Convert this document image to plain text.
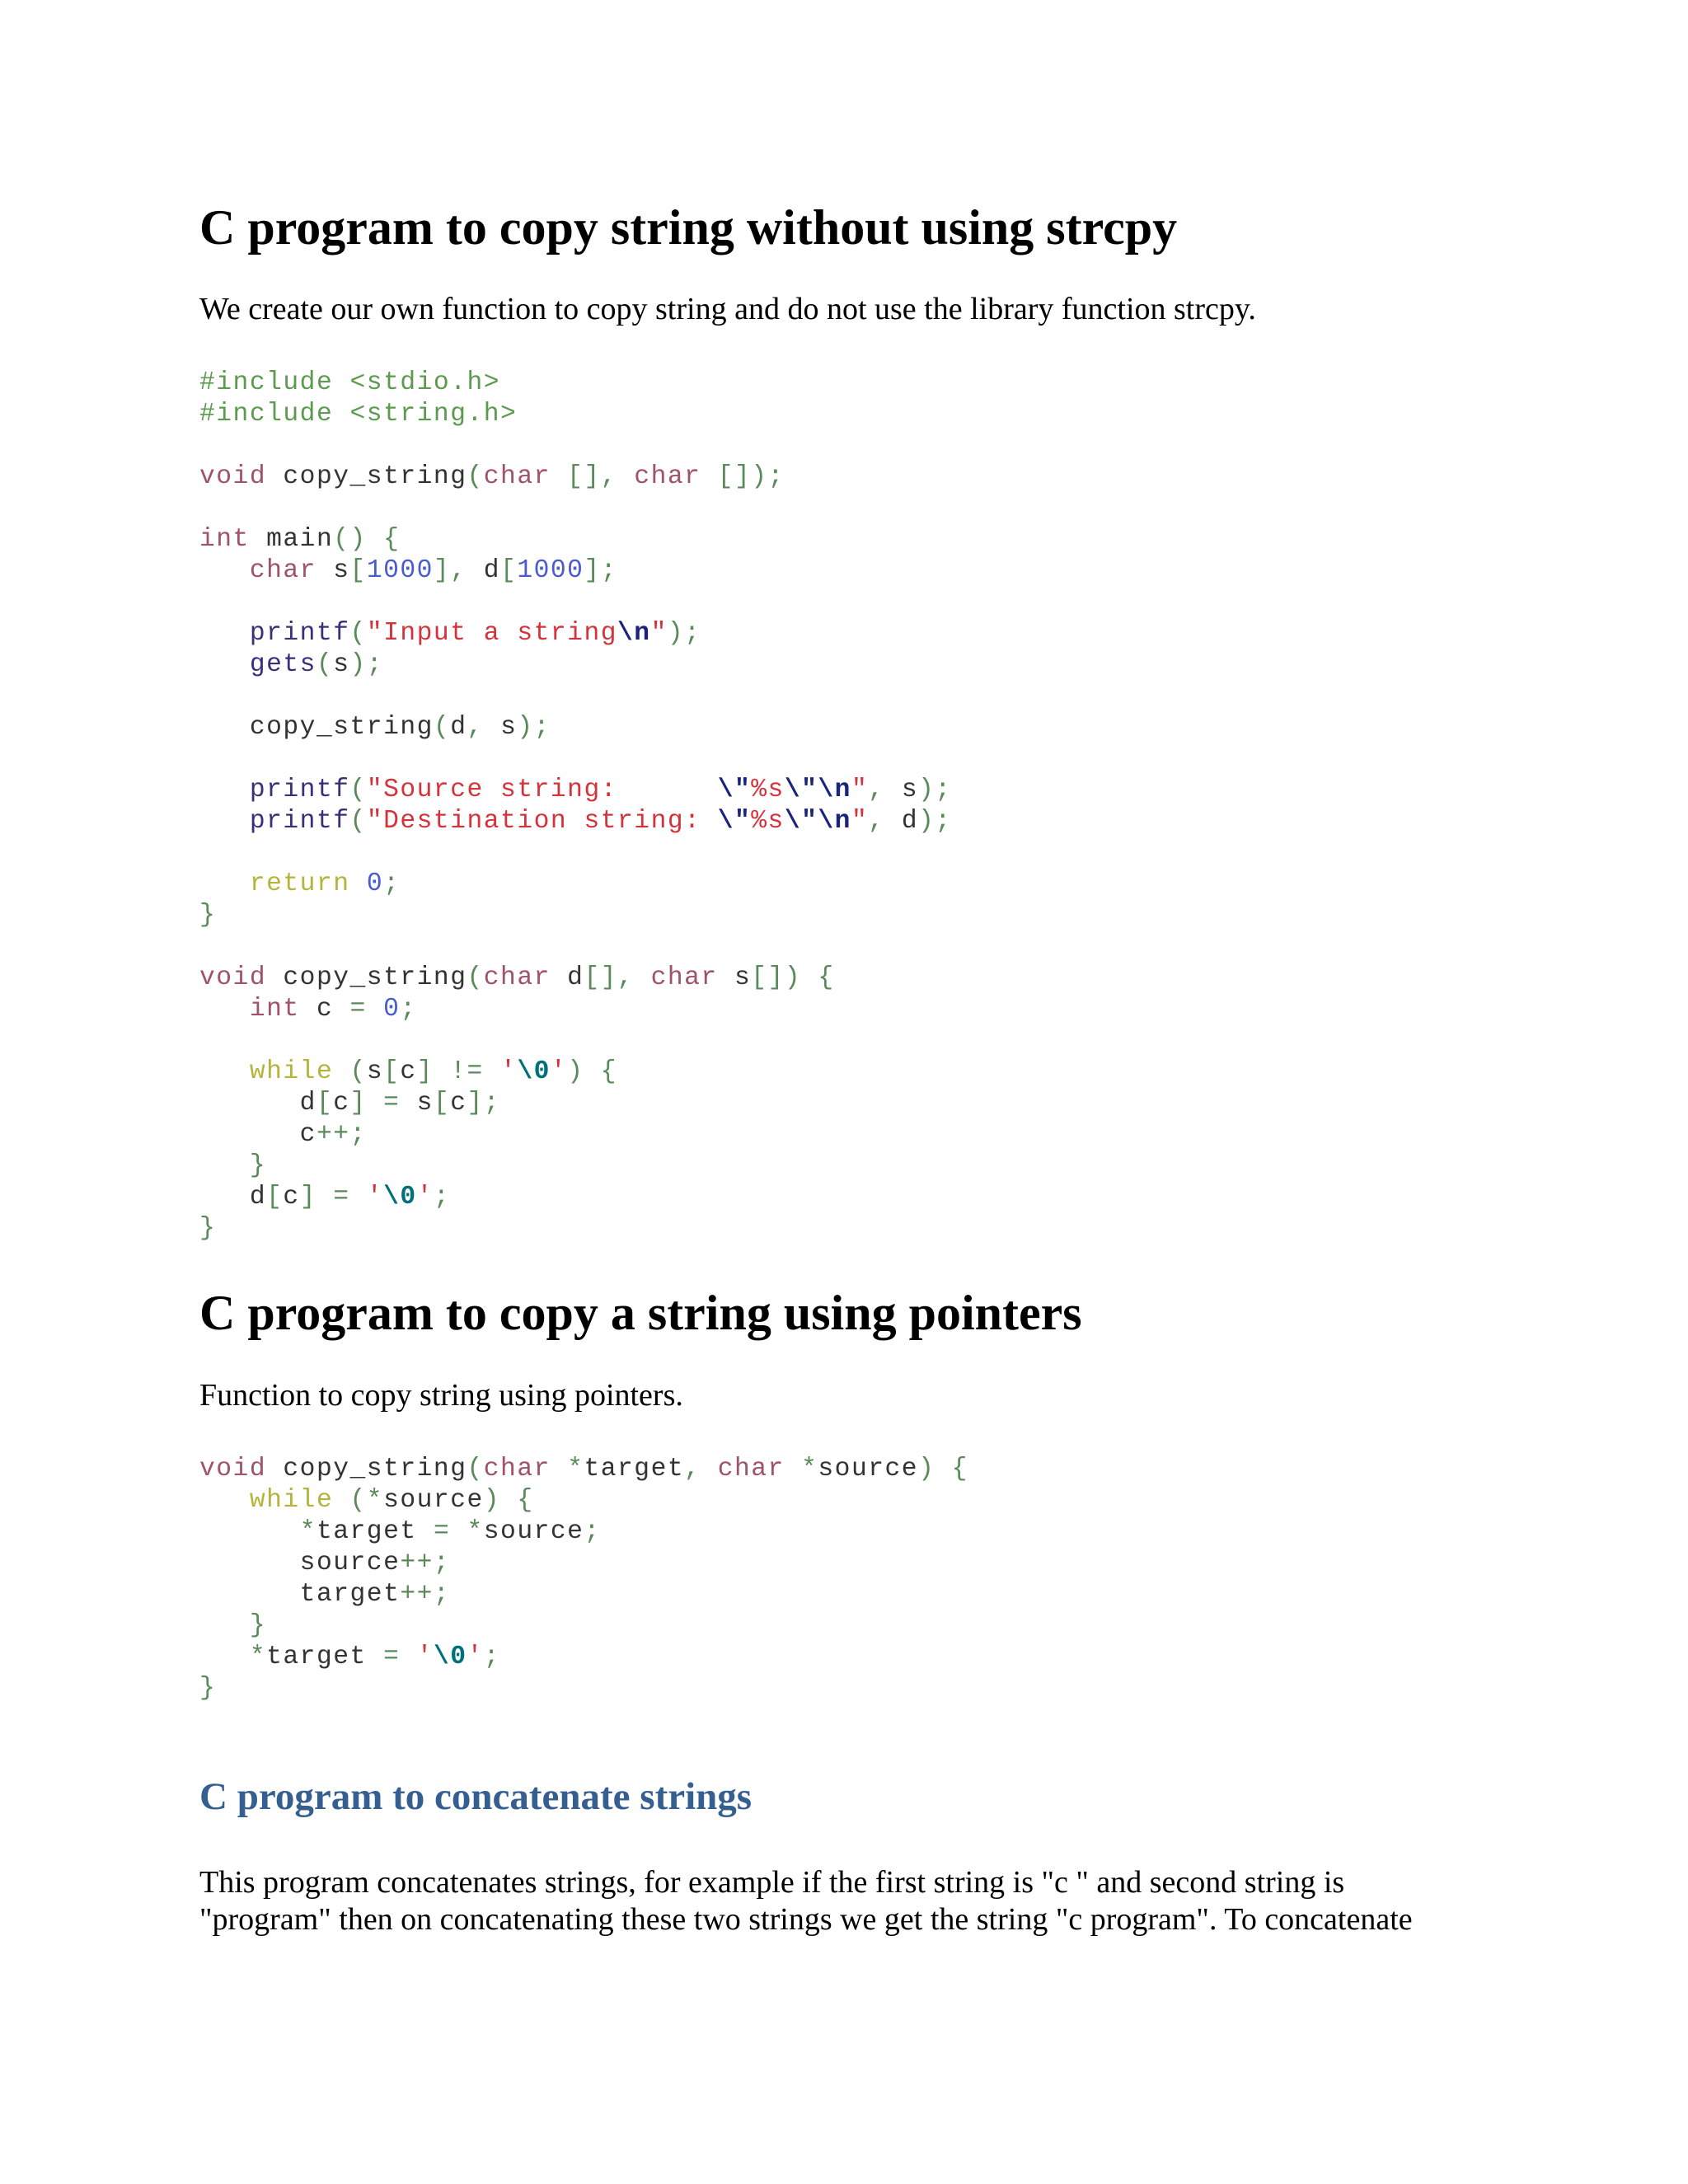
C program to copy string without using strcpy

We create our own function to copy string and do not use the library function strcpy.

#include <stdio.h>
#include <string.h>
void copy_string(char [], char []);
int main() {
char s[1000], d[1000];
printf("Input a string\n");
gets(s);
copy_string(d, s);
printf("Source string:      \"%s\"\n", s);
printf("Destination string: \"%s\"\n", d);
return 0;
}
void copy_string(char d[], char s[]) {
int c = 0;
while (s[c] != '\0') {
d[c] = s[c];
c++;
}
d[c] = '\0';
}
C program to copy a string using pointers

Function to copy string using pointers.

void copy_string(char *target, char *source) {
while (*source) {
*target = *source;
source++;
target++;
}
*target = '\0';
}
C program to concatenate strings

This program concatenates strings, for example if the first string is "c " and second string is

"program" then on concatenating these two strings we get the string "c program". To concatenate
